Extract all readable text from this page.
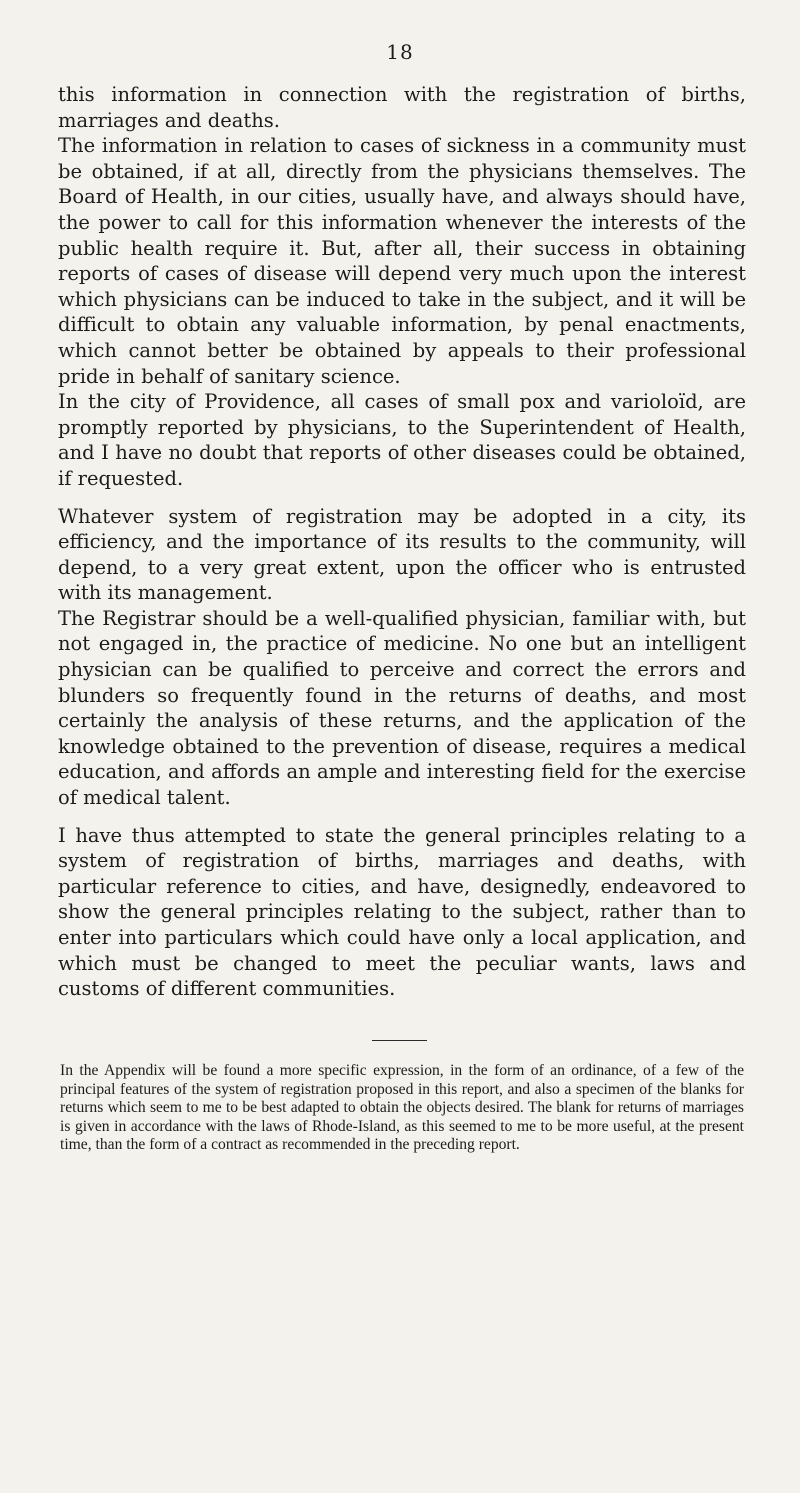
18

this information in connection with the registration of births, marriages and deaths.

The information in relation to cases of sickness in a community must be obtained, if at all, directly from the physicians themselves. The Board of Health, in our cities, usually have, and always should have, the power to call for this information whenever the interests of the public health require it. But, after all, their success in obtaining reports of cases of disease will depend very much upon the interest which physicians can be induced to take in the subject, and it will be difficult to obtain any valuable information, by penal enactments, which cannot better be obtained by appeals to their professional pride in behalf of sanitary science.

In the city of Providence, all cases of small pox and varioloïd, are promptly reported by physicians, to the Superintendent of Health, and I have no doubt that reports of other diseases could be obtained, if requested.

Whatever system of registration may be adopted in a city, its efficiency, and the importance of its results to the community, will depend, to a very great extent, upon the officer who is entrusted with its management.

The Registrar should be a well-qualified physician, familiar with, but not engaged in, the practice of medicine. No one but an intelligent physician can be qualified to perceive and correct the errors and blunders so frequently found in the returns of deaths, and most certainly the analysis of these returns, and the application of the knowledge obtained to the prevention of disease, requires a medical education, and affords an ample and interesting field for the exercise of medical talent.

I have thus attempted to state the general principles relating to a system of registration of births, marriages and deaths, with particular reference to cities, and have, designedly, endeavored to show the general principles relating to the subject, rather than to enter into particulars which could have only a local application, and which must be changed to meet the peculiar wants, laws and customs of different communities.

In the Appendix will be found a more specific expression, in the form of an ordinance, of a few of the principal features of the system of registration proposed in this report, and also a specimen of the blanks for returns which seem to me to be best adapted to obtain the objects desired. The blank for returns of marriages is given in accordance with the laws of Rhode-Island, as this seemed to me to be more useful, at the present time, than the form of a contract as recommended in the preceding report.
